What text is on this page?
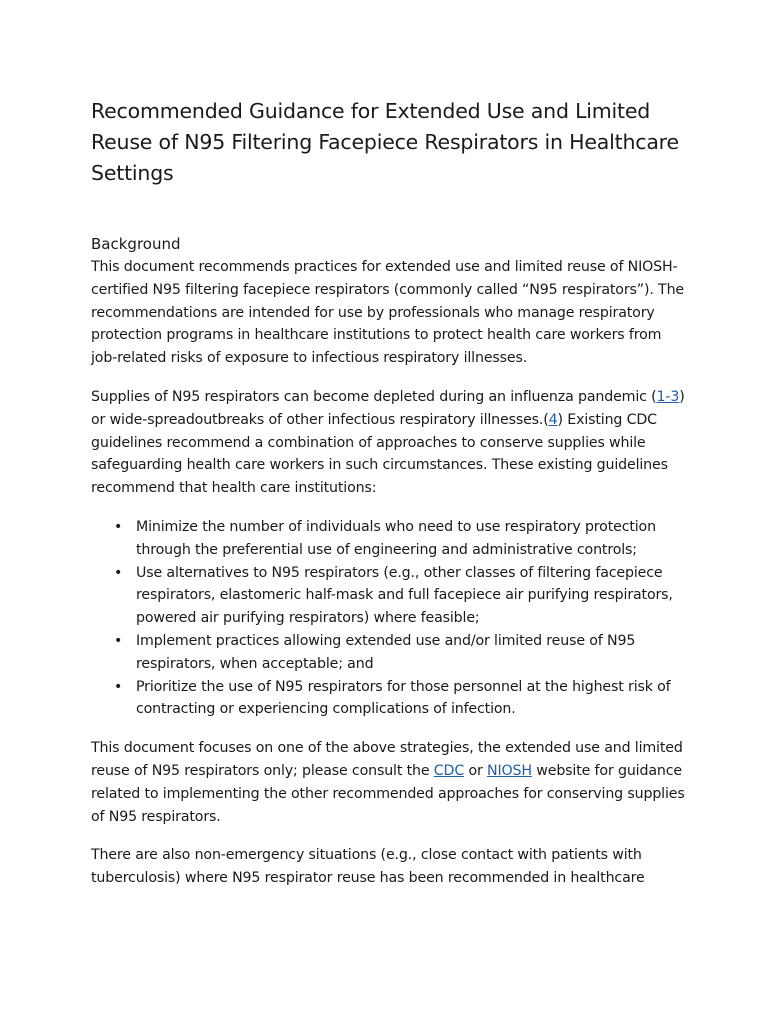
Recommended Guidance for Extended Use and Limited Reuse of N95 Filtering Facepiece Respirators in Healthcare Settings
Background

This document recommends practices for extended use and limited reuse of NIOSH-certified N95 filtering facepiece respirators (commonly called “N95 respirators”). The recommendations are intended for use by professionals who manage respiratory protection programs in healthcare institutions to protect health care workers from job-related risks of exposure to infectious respiratory illnesses.

Supplies of N95 respirators can become depleted during an influenza pandemic (1-3) or wide-spreadoutbreaks of other infectious respiratory illnesses.(4) Existing CDC guidelines recommend a combination of approaches to conserve supplies while safeguarding health care workers in such circumstances. These existing guidelines recommend that health care institutions:

• Minimize the number of individuals who need to use respiratory protection through the preferential use of engineering and administrative controls;
• Use alternatives to N95 respirators (e.g., other classes of filtering facepiece respirators, elastomeric half-mask and full facepiece air purifying respirators, powered air purifying respirators) where feasible;
• Implement practices allowing extended use and/or limited reuse of N95 respirators, when acceptable; and
• Prioritize the use of N95 respirators for those personnel at the highest risk of contracting or experiencing complications of infection.

This document focuses on one of the above strategies, the extended use and limited reuse of N95 respirators only; please consult the CDC or NIOSH website for guidance related to implementing the other recommended approaches for conserving supplies of N95 respirators.

There are also non-emergency situations (e.g., close contact with patients with tuberculosis) where N95 respirator reuse has been recommended in healthcare
